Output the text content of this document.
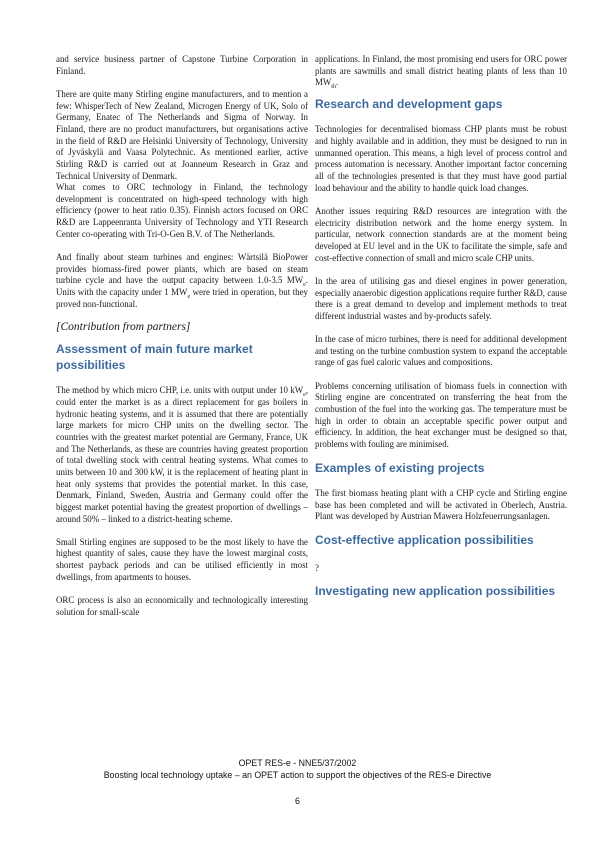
and service business partner of Capstone Turbine Corporation in Finland.

There are quite many Stirling engine manufacturers, and to mention a few: WhisperTech of New Zealand, Microgen Energy of UK, Solo of Germany, Enatec of The Netherlands and Sigma of Norway. In Finland, there are no product manufacturers, but organisations active in the field of R&D are Helsinki University of Technology, University of Jyväskylä and Vaasa Polytechnic. As mentioned earlier, active Stirling R&D is carried out at Joanneum Research in Graz and Technical University of Denmark.

What comes to ORC technology in Finland, the technology development is concentrated on high-speed technology with high efficiency (power to heat ratio 0.35). Finnish actors focused on ORC R&D are Lappeenranta University of Technology and YTI Research Center co-operating with Tri-O-Gen B.V. of The Netherlands.

And finally about steam turbines and engines: Wärtsilä BioPower provides biomass-fired power plants, which are based on steam turbine cycle and have the output capacity between 1.0-3.5 $MW_e$. Units with the capacity under 1 $MW_e$ were tried in operation, but they proved non-functional.

[Contribution from partners]

Assessment of main future market possibilities

The method by which micro CHP, i.e. units with output under 10 $kW_e$, could enter the market is as a direct replacement for gas boilers in hydronic heating systems, and it is assumed that there are potentially large markets for micro CHP units on the dwelling sector. The countries with the greatest market potential are Germany, France, UK and The Netherlands, as these are countries having greatest proportion of total dwelling stock with central heating systems. What comes to units between 10 and 300 kW, it is the replacement of heating plant in heat only systems that provides the potential market. In this case, Denmark, Finland, Sweden, Austria and Germany could offer the biggest market potential having the greatest proportion of dwellings – around 50% – linked to a district-heating scheme.

Small Stirling engines are supposed to be the most likely to have the highest quantity of sales, cause they have the lowest marginal costs, shortest payback periods and can be utilised efficiently in most dwellings, from apartments to houses.

ORC process is also an economically and technologically interesting solution for small-scale

applications. In Finland, the most promising end users for ORC power plants are sawmills and small district heating plants of less than 10 $MW_{th}$.

Research and development gaps

Technologies for decentralised biomass CHP plants must be robust and highly available and in addition, they must be designed to run in unmanned operation. This means, a high level of process control and process automation is necessary. Another important factor concerning all of the technologies presented is that they must have good partial load behaviour and the ability to handle quick load changes.

Another issues requiring R&D resources are integration with the electricity distribution network and the home energy system. In particular, network connection standards are at the moment being developed at EU level and in the UK to facilitate the simple, safe and cost-effective connection of small and micro scale CHP units.

In the area of utilising gas and diesel engines in power generation, especially anaerobic digestion applications require further R&D, cause there is a great demand to develop and implement methods to treat different industrial wastes and by-products safely.

In the case of micro turbines, there is need for additional development and testing on the turbine combustion system to expand the acceptable range of gas fuel caloric values and compositions.

Problems concerning utilisation of biomass fuels in connection with Stirling engine are concentrated on transferring the heat from the combustion of the fuel into the working gas. The temperature must be high in order to obtain an acceptable specific power output and efficiency. In addition, the heat exchanger must be designed so that, problems with fouling are minimised.

Examples of existing projects

The first biomass heating plant with a CHP cycle and Stirling engine base has been completed and will be activated in Oberlech, Austria. Plant was developed by Austrian Mawera Holzfeuerrungsanlagen.

Cost-effective application possibilities

?

Investigating new application possibilities
OPET RES-e - NNE5/37/2002
Boosting local technology uptake – an OPET action to support the objectives of the RES-e Directive
6
